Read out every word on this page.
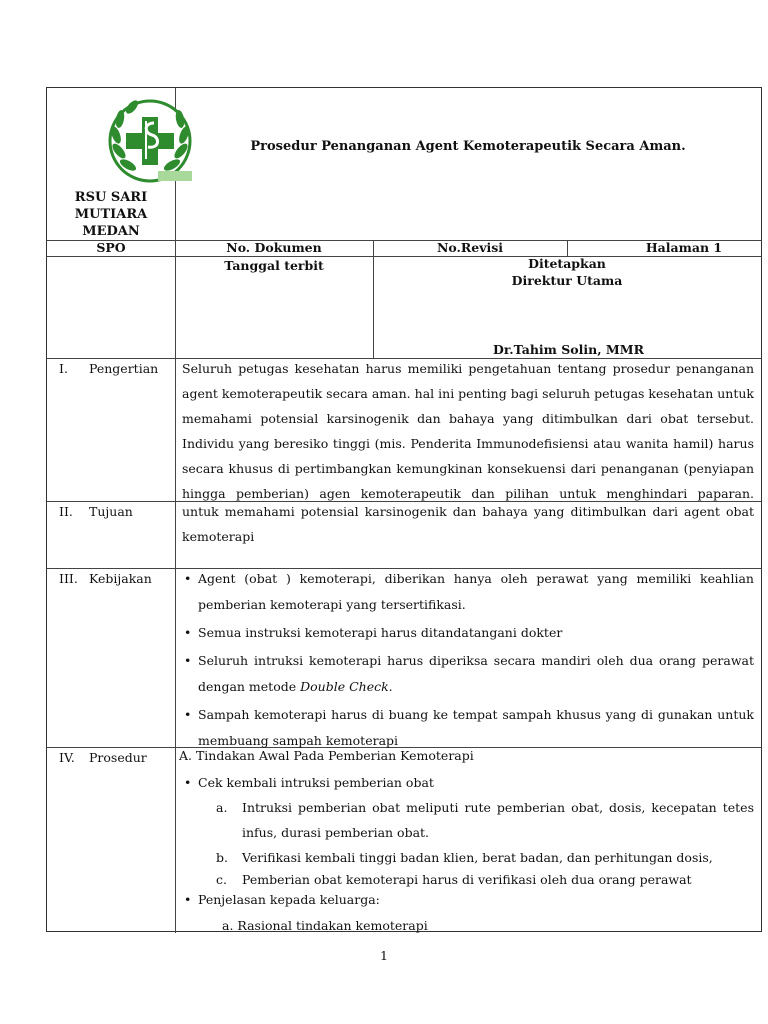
RSU SARI
MUTIARA
MEDAN
Prosedur Penanganan Agent Kemoterapeutik Secara Aman.
SPO	No. Dokumen	No.Revisi	Halaman 1
Tanggal terbit	Ditetapkan
Direktur Utama
Dr.Tahim Solin, MMR
I. Pengertian Seluruh petugas kesehatan harus memiliki pengetahuan tentang prosedur penanganan agent kemoterapeutik secara aman. hal ini penting bagi seluruh petugas kesehatan untuk memahami potensial karsinogenik dan bahaya yang ditimbulkan dari obat tersebut. Individu yang beresiko tinggi (mis. Penderita Immunodefisiensi atau wanita hamil) harus secara khusus di pertimbangkan kemungkinan konsekuensi dari penanganan (penyiapan hingga pemberian) agen kemoterapeutik dan pilihan untuk menghindari paparan.
II. Tujuan	untuk memahami potensial karsinogenik dan bahaya yang ditimbulkan dari agent obat kemoterapi
III. Kebijakan
•	Agent (obat ) kemoterapi, diberikan hanya oleh perawat yang memiliki keahlian pemberian kemoterapi yang tersertifikasi.
• Semua instruksi kemoterapi harus ditandatangani dokter
• Seluruh intruksi kemoterapi harus diperiksa secara mandiri oleh dua orang perawat dengan metode Double Check.
• Sampah kemoterapi harus di buang ke tempat sampah khusus yang di gunakan untuk membuang sampah kemoterapi
IV. Prosedur	A. Tindakan Awal Pada Pemberian Kemoterapi
• Cek kembali intruksi pemberian obat
a. Intruksi pemberian obat meliputi rute pemberian obat, dosis, kecepatan tetes infus, durasi pemberian obat.
b. Verifikasi kembali tinggi badan klien, berat badan, dan perhitungan dosis,
c. Pemberian obat kemoterapi harus di verifikasi oleh dua orang perawat
• Penjelasan kepada keluarga:
a. Rasional tindakan kemoterapi
1
